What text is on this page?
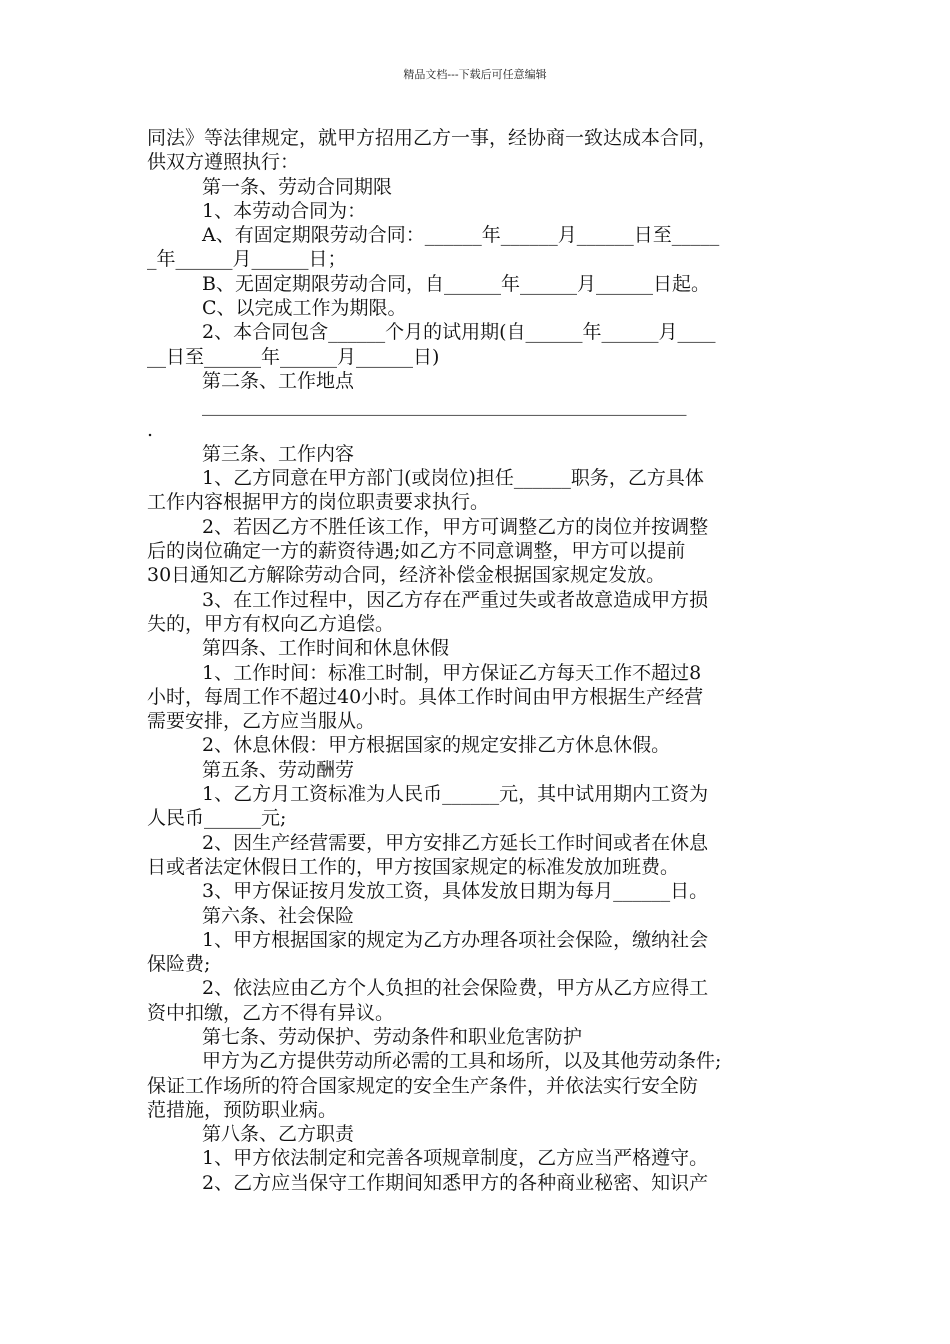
精品文档---下载后可任意编辑
同法》等法律规定，就甲方招用乙方一事，经协商一致达成本合同，
供双方遵照执行：
第一条、劳动合同期限
1、本劳动合同为：
A、有固定期限劳动合同：______年______月______日至_____
_年______月______日；
B、无固定期限劳动合同，自______年______月______日起。
C、以完成工作为期限。
2、本合同包含______个月的试用期(自______年______月____
__日至______年______月______日)
第二条、工作地点
___________________________________________________
.
第三条、工作内容
1、乙方同意在甲方部门(或岗位)担任______职务，乙方具体
工作内容根据甲方的岗位职责要求执行。
2、若因乙方不胜任该工作，甲方可调整乙方的岗位并按调整
后的岗位确定一方的薪资待遇;如乙方不同意调整，甲方可以提前
30日通知乙方解除劳动合同，经济补偿金根据国家规定发放。
3、在工作过程中，因乙方存在严重过失或者故意造成甲方损
失的，甲方有权向乙方追偿。
第四条、工作时间和休息休假
1、工作时间：标准工时制，甲方保证乙方每天工作不超过8
小时，每周工作不超过40小时。具体工作时间由甲方根据生产经营
需要安排，乙方应当服从。
2、休息休假：甲方根据国家的规定安排乙方休息休假。
第五条、劳动酬劳
1、乙方月工资标准为人民币______元，其中试用期内工资为
人民币______元;
2、因生产经营需要，甲方安排乙方延长工作时间或者在休息
日或者法定休假日工作的，甲方按国家规定的标准发放加班费。
3、甲方保证按月发放工资，具体发放日期为每月______日。
第六条、社会保险
1、甲方根据国家的规定为乙方办理各项社会保险，缴纳社会
保险费;
2、依法应由乙方个人负担的社会保险费，甲方从乙方应得工
资中扣缴，乙方不得有异议。
第七条、劳动保护、劳动条件和职业危害防护
甲方为乙方提供劳动所必需的工具和场所，以及其他劳动条件;
保证工作场所的符合国家规定的安全生产条件，并依法实行安全防
范措施，预防职业病。
第八条、乙方职责
1、甲方依法制定和完善各项规章制度，乙方应当严格遵守。
2、乙方应当保守工作期间知悉甲方的各种商业秘密、知识产
